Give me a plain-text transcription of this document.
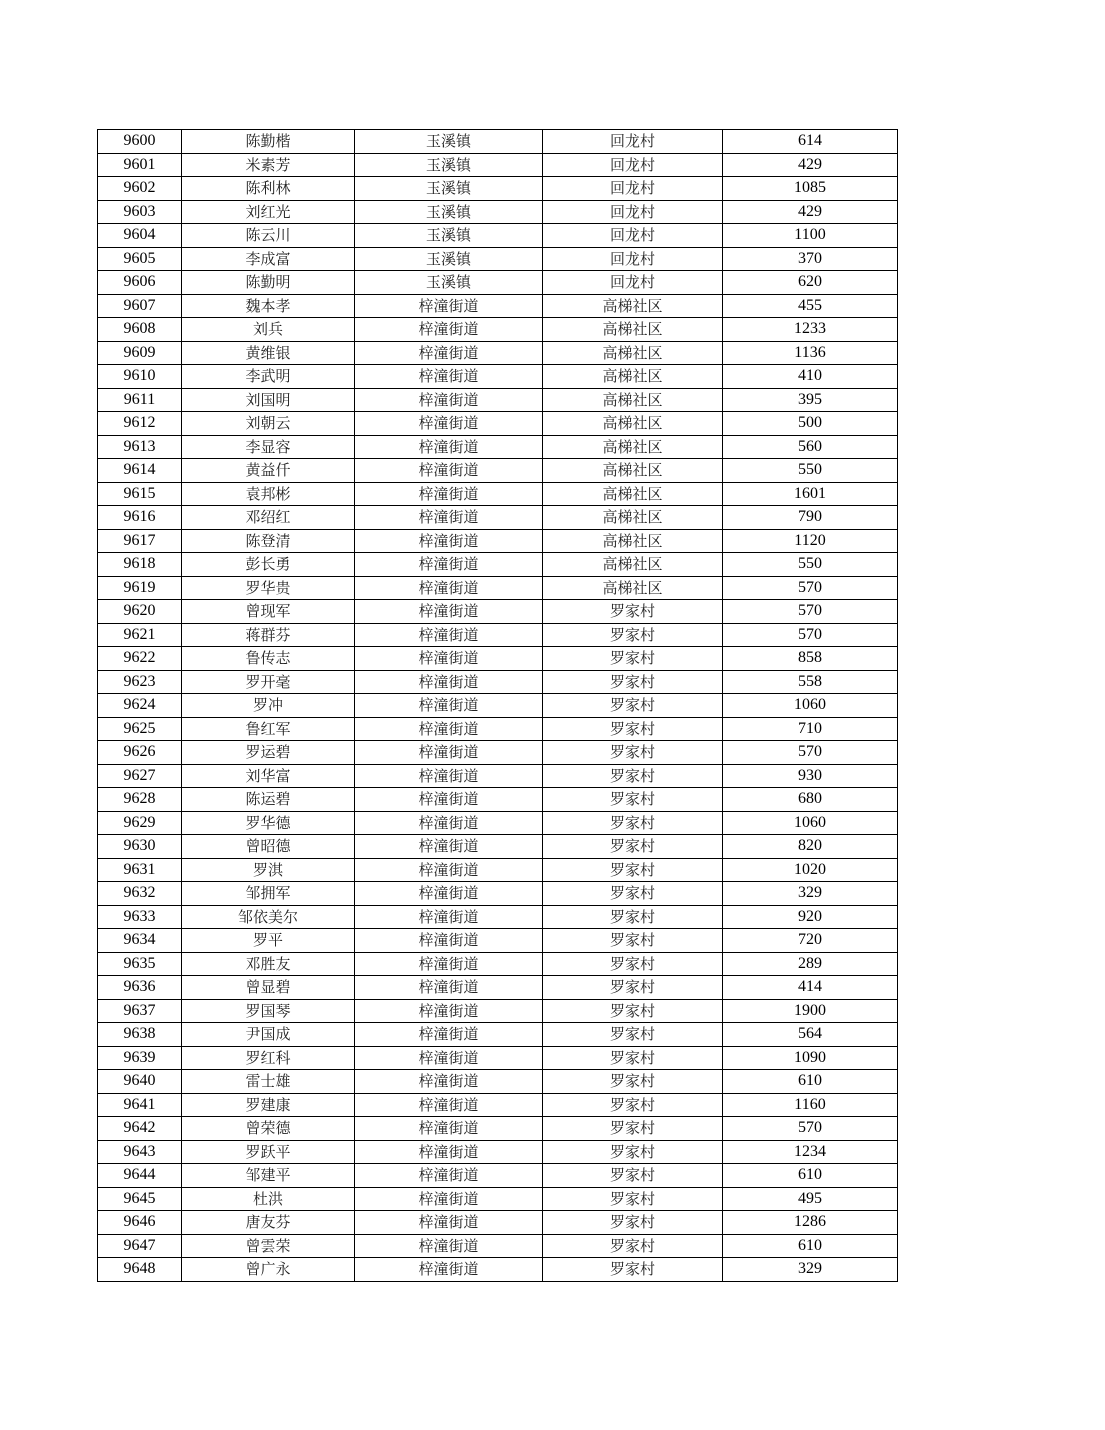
9600	陈勤楷	玉溪镇	回龙村	614
9601	米素芳	玉溪镇	回龙村	429
9602	陈利林	玉溪镇	回龙村	1085
9603	刘红光	玉溪镇	回龙村	429
9604	陈云川	玉溪镇	回龙村	1100
9605	李成富	玉溪镇	回龙村	370
9606	陈勤明	玉溪镇	回龙村	620
9607	魏本孝	梓潼街道	高梯社区	455
9608	刘兵	梓潼街道	高梯社区	1233
9609	黄维银	梓潼街道	高梯社区	1136
9610	李武明	梓潼街道	高梯社区	410
9611	刘国明	梓潼街道	高梯社区	395
9612	刘朝云	梓潼街道	高梯社区	500
9613	李显容	梓潼街道	高梯社区	560
9614	黄益仟	梓潼街道	高梯社区	550
9615	袁邦彬	梓潼街道	高梯社区	1601
9616	邓绍红	梓潼街道	高梯社区	790
9617	陈登清	梓潼街道	高梯社区	1120
9618	彭长勇	梓潼街道	高梯社区	550
9619	罗华贵	梓潼街道	高梯社区	570
9620	曾现军	梓潼街道	罗家村	570
9621	蒋群芬	梓潼街道	罗家村	570
9622	鲁传志	梓潼街道	罗家村	858
9623	罗开毫	梓潼街道	罗家村	558
9624	罗冲	梓潼街道	罗家村	1060
9625	鲁红军	梓潼街道	罗家村	710
9626	罗运碧	梓潼街道	罗家村	570
9627	刘华富	梓潼街道	罗家村	930
9628	陈运碧	梓潼街道	罗家村	680
9629	罗华德	梓潼街道	罗家村	1060
9630	曾昭德	梓潼街道	罗家村	820
9631	罗淇	梓潼街道	罗家村	1020
9632	邹拥军	梓潼街道	罗家村	329
9633	邹依美尔	梓潼街道	罗家村	920
9634	罗平	梓潼街道	罗家村	720
9635	邓胜友	梓潼街道	罗家村	289
9636	曾显碧	梓潼街道	罗家村	414
9637	罗国琴	梓潼街道	罗家村	1900
9638	尹国成	梓潼街道	罗家村	564
9639	罗红科	梓潼街道	罗家村	1090
9640	雷士雄	梓潼街道	罗家村	610
9641	罗建康	梓潼街道	罗家村	1160
9642	曾荣德	梓潼街道	罗家村	570
9643	罗跃平	梓潼街道	罗家村	1234
9644	邹建平	梓潼街道	罗家村	610
9645	杜洪	梓潼街道	罗家村	495
9646	唐友芬	梓潼街道	罗家村	1286
9647	曾雲荣	梓潼街道	罗家村	610
9648	曾广永	梓潼街道	罗家村	329
